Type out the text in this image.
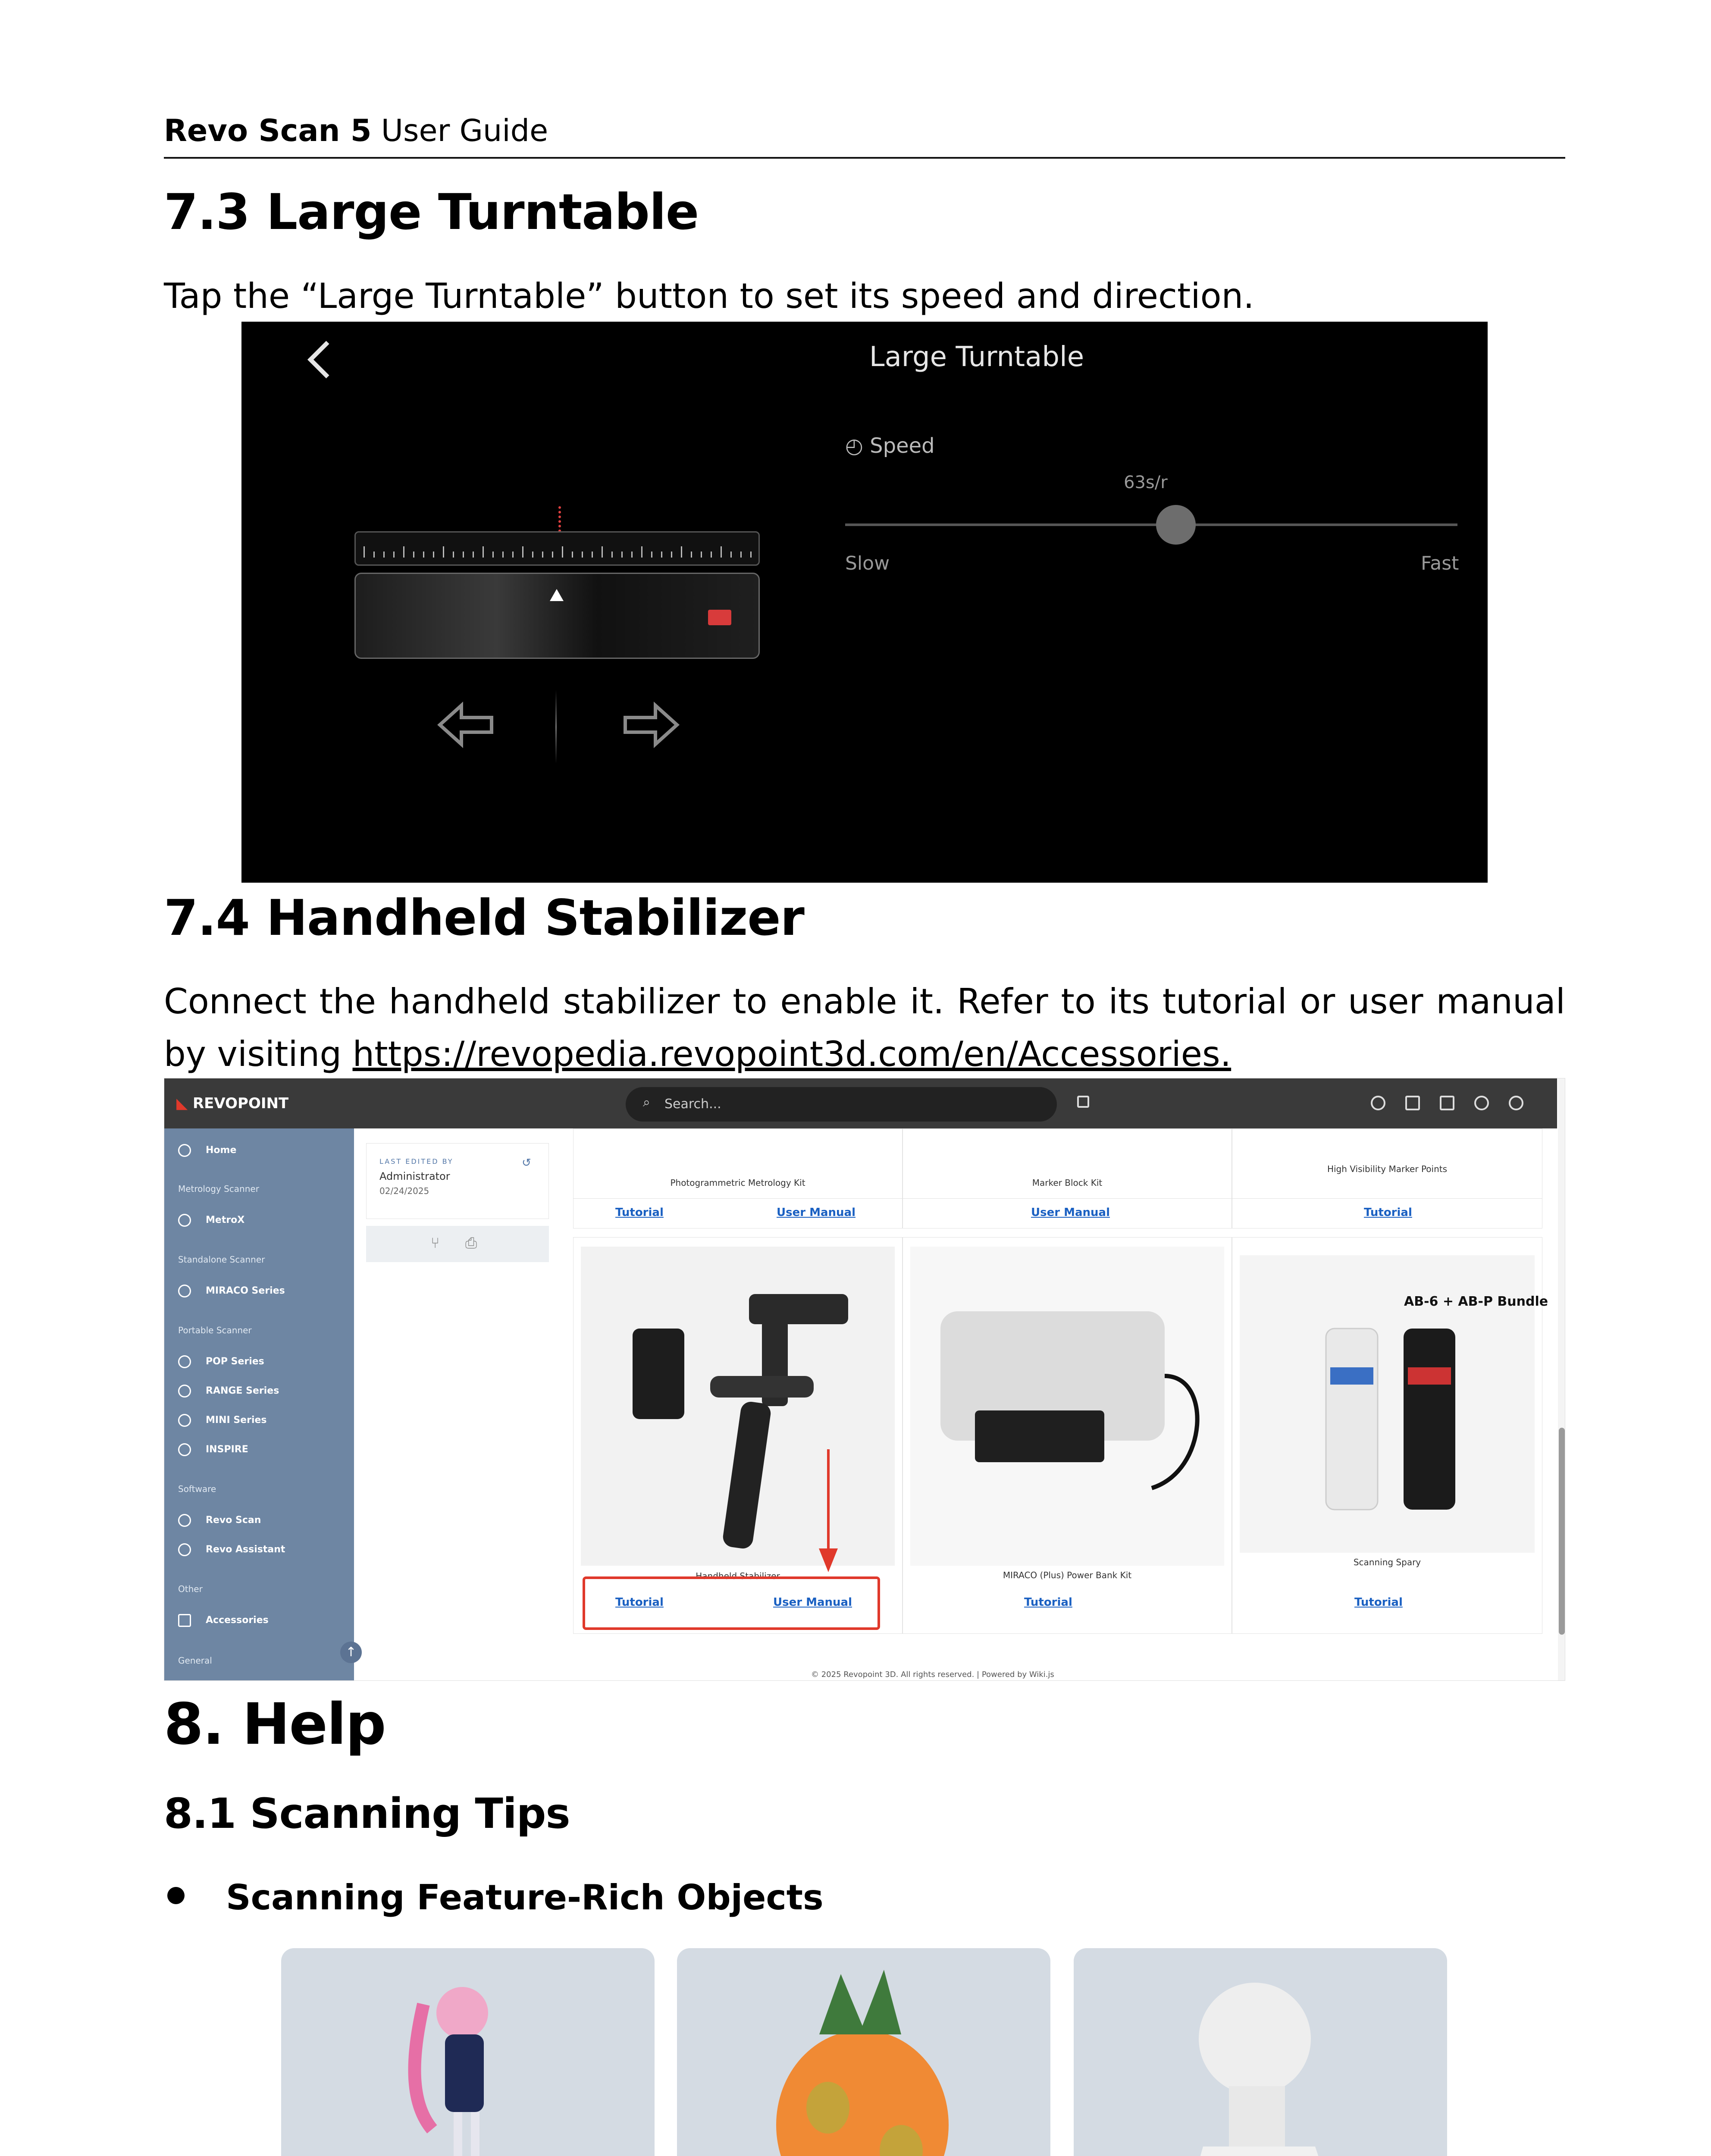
Revo Scan 5 User Guide
7.3 Large Turntable
Tap the “Large Turntable” button to set its speed and direction.
Large Turntable
◴ Speed
63s/r
Slow	Fast
7.4 Handheld Stabilizer
Connect the handheld stabilizer to enable it. Refer to its tutorial or user manual
by visiting https://revopedia.revopoint3d.com/en/Accessories.
◣ REVOPOINT	⌕ Search...
Home
Metrology Scanner
MetroX
Standalone Scanner
MIRACO Series
Portable Scanner
POP Series
RANGE Series
MINI Series
INSPIRE
Software
Revo Scan
Revo Assistant
Other
Accessories
General
↑
LAST EDITED BY
Administrator
02/24/2025
↺
⑂ ⎙
Photogrammetric Metrology Kit	Marker Block Kit
High Visibility Marker Points
Tutorial	User Manual	User Manual	Tutorial
AB-6 + AB-P Bundle
Handheld Stabilizer	MIRACO (Plus) Power Bank Kit
Scanning Spary
Tutorial	User Manual	Tutorial	Tutorial
© 2025 Revopoint 3D. All rights reserved. | Powered by Wiki.js
8. Help
8.1 Scanning Tips
Scanning Feature-Rich Objects
